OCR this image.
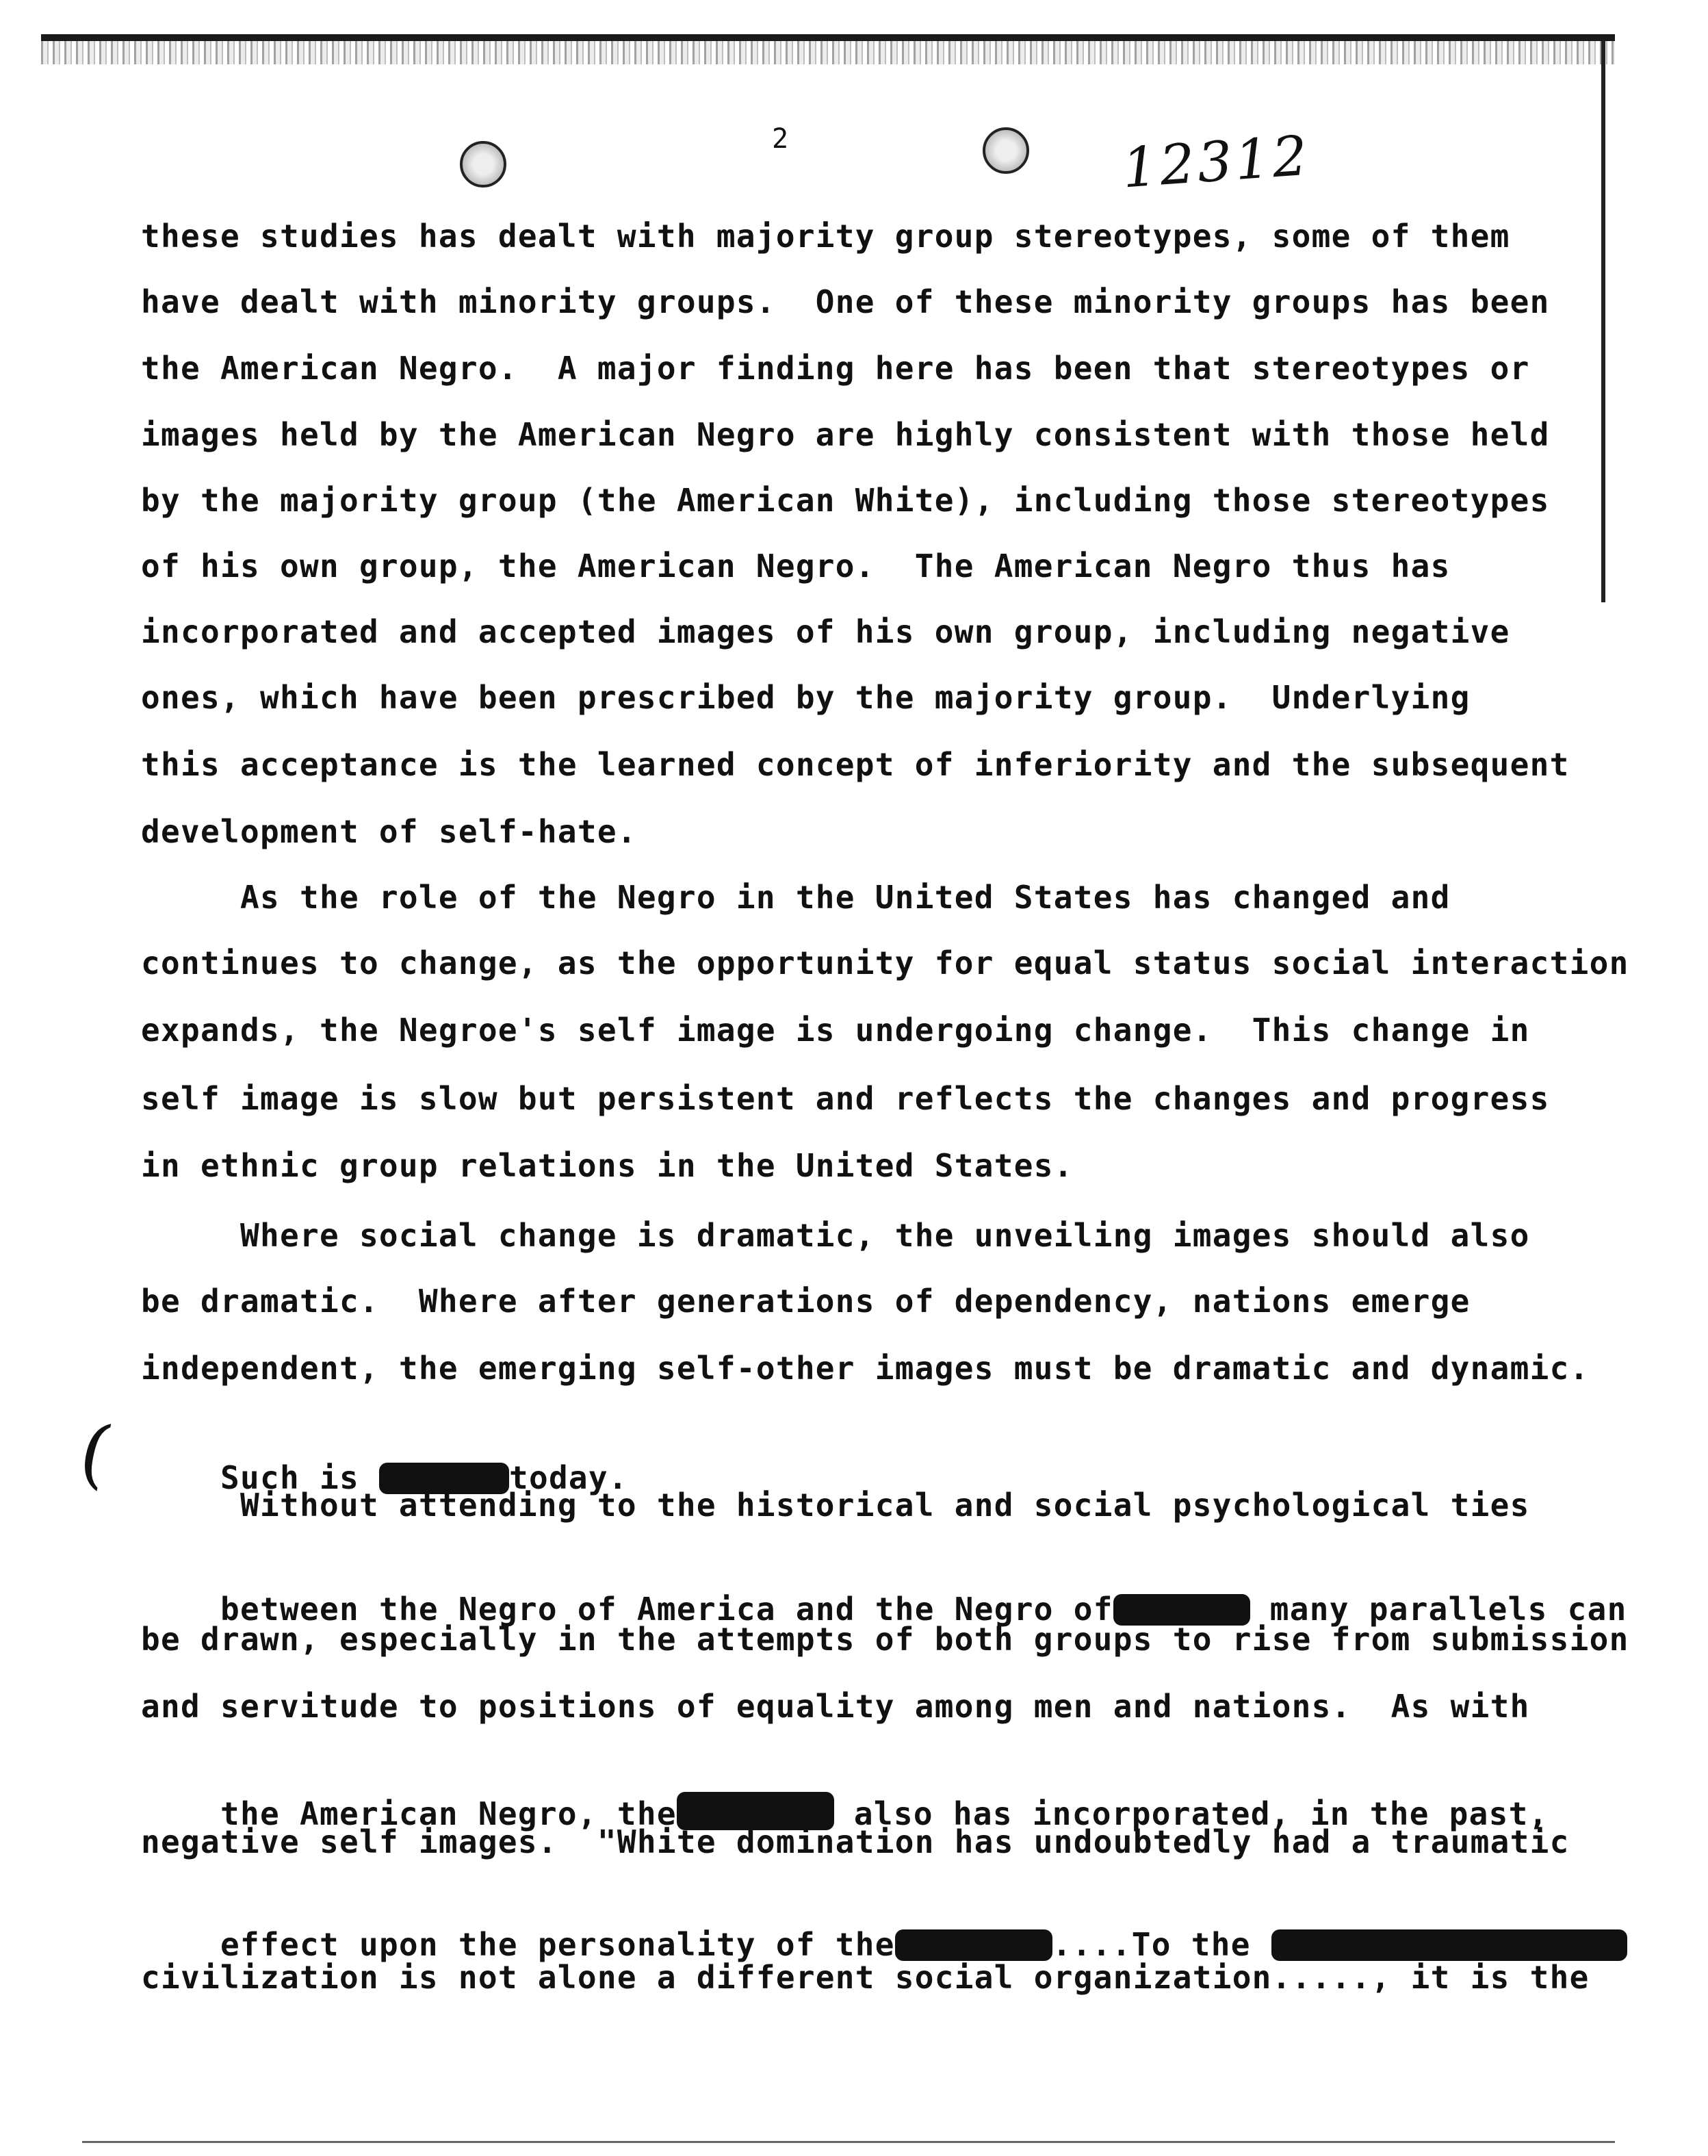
2	12312
(
these studies has dealt with majority group stereotypes, some of them
have dealt with minority groups.  One of these minority groups has been
the American Negro.  A major finding here has been that stereotypes or
images held by the American Negro are highly consistent with those held
by the majority group (the American White), including those stereotypes
of his own group, the American Negro.  The American Negro thus has
incorporated and accepted images of his own group, including negative
ones, which have been prescribed by the majority group.  Underlying
this acceptance is the learned concept of inferiority and the subsequent
development of self-hate.
As the role of the Negro in the United States has changed and
continues to change, as the opportunity for equal status social interaction
expands, the Negroe's self image is undergoing change.  This change in
self image is slow but persistent and reflects the changes and progress
in ethnic group relations in the United States.
Where social change is dramatic, the unveiling images should also
be dramatic.  Where after generations of dependency, nations emerge
independent, the emerging self-other images must be dramatic and dynamic.

Such is	today.

Without attending to the historical and social psychological ties

between the Negro of America and the Negro of	many parallels can

be drawn, especially in the attempts of both groups to rise from submission
and servitude to positions of equality among men and nations.  As with

the American Negro, the	also has incorporated, in the past,

negative self images.  "White domination has undoubtedly had a traumatic

effect upon the personality of the	....To the

civilization is not alone a different social organization....., it is the
